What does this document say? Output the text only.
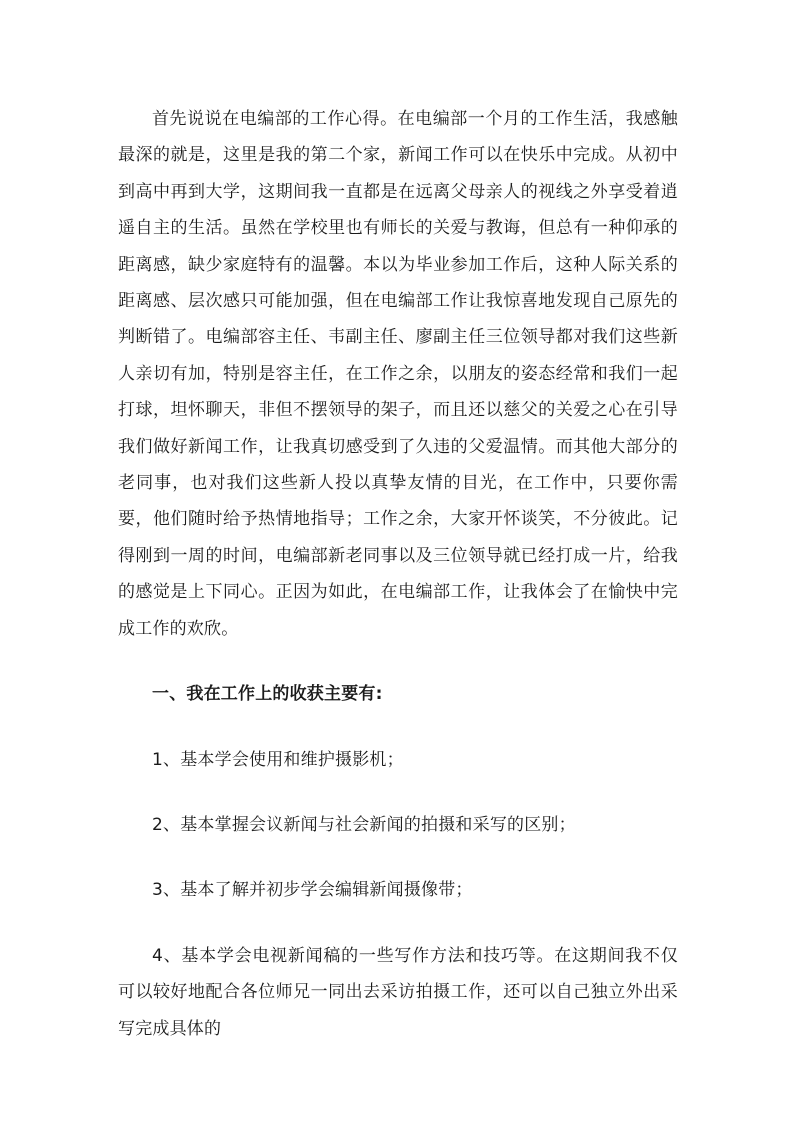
首先说说在电编部的工作心得。在电编部一个月的工作生活，我感触最深的就是，这里是我的第二个家，新闻工作可以在快乐中完成。从初中到高中再到大学，这期间我一直都是在远离父母亲人的视线之外享受着逍遥自主的生活。虽然在学校里也有师长的关爱与教诲，但总有一种仰承的距离感，缺少家庭特有的温馨。本以为毕业参加工作后，这种人际关系的距离感、层次感只可能加强，但在电编部工作让我惊喜地发现自己原先的判断错了。电编部容主任、韦副主任、廖副主任三位领导都对我们这些新人亲切有加，特别是容主任，在工作之余，以朋友的姿态经常和我们一起打球，坦怀聊天，非但不摆领导的架子，而且还以慈父的关爱之心在引导我们做好新闻工作，让我真切感受到了久违的父爱温情。而其他大部分的老同事，也对我们这些新人投以真挚友情的目光，在工作中，只要你需要，他们随时给予热情地指导；工作之余，大家开怀谈笑，不分彼此。记得刚到一周的时间，电编部新老同事以及三位领导就已经打成一片，给我的感觉是上下同心。正因为如此，在电编部工作，让我体会了在愉快中完成工作的欢欣。

一、我在工作上的收获主要有:

1、基本学会使用和维护摄影机；

2、基本掌握会议新闻与社会新闻的拍摄和采写的区别；

3、基本了解并初步学会编辑新闻摄像带；

4、基本学会电视新闻稿的一些写作方法和技巧等。在这期间我不仅可以较好地配合各位师兄一同出去采访拍摄工作，还可以自己独立外出采写完成具体的
